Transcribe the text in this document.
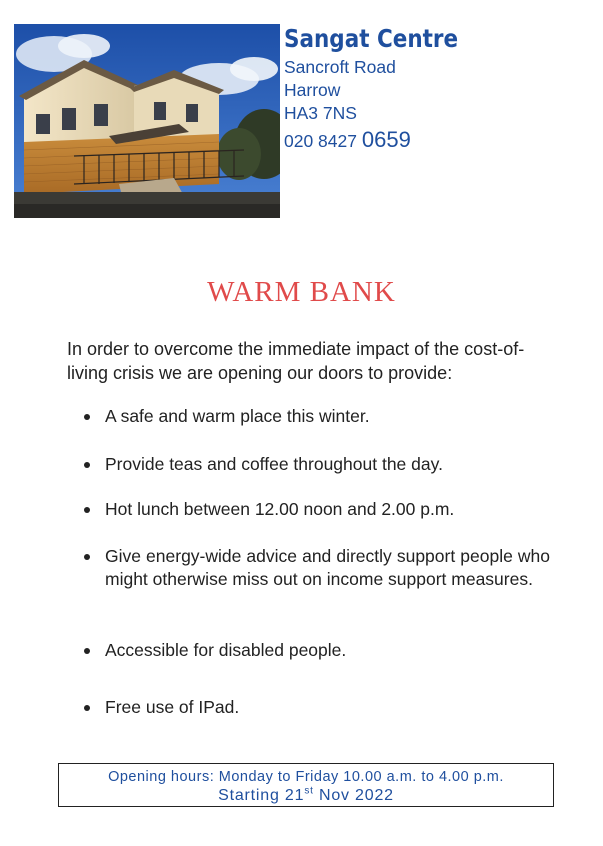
Sangat Centre
Sancroft Road
Harrow
HA3 7NS
020 8427 0659
WARM BANK
In order to overcome the immediate impact of the cost-of-living crisis we are opening our doors to provide:
A safe and warm place this winter.
Provide teas and coffee throughout the day.
Hot lunch between 12.00 noon and 2.00 p.m.
Give energy-wide advice and directly support people who might otherwise miss out on income support measures.
Accessible for disabled people.
Free use of IPad.
Opening hours: Monday to Friday 10.00 a.m. to 4.00 p.m.
Starting 21st Nov 2022
